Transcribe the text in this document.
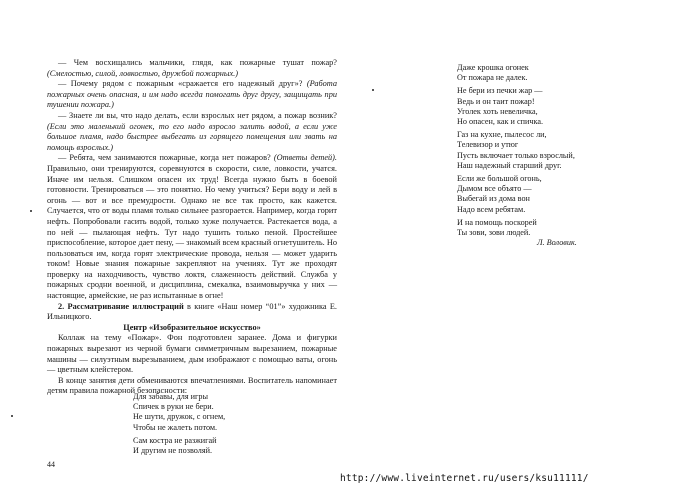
— Чем восхищались мальчики, глядя, как пожарные тушат пожар? (Смелостью, силой, ловкостью, дружбой пожарных.)

— Почему рядом с пожарным «сражается его надежный друг»? (Работа пожарных очень опасная, и им надо всегда помогать друг другу, защищать при тушении пожара.)

— Знаете ли вы, что надо делать, если взрослых нет рядом, а пожар возник? (Если это маленький огонек, то его надо взросло залить водой, а если уже большое пламя, надо быстрее выбегать из горящего помещения или звать на помощь взрослых.)

— Ребята, чем занимаются пожарные, когда нет пожаров? (Ответы детей). Правильно, они тренируются, соревнуются в скорости, силе, ловкости, учатся. Иначе им нельзя. Слишком опасен их труд! Всегда нужно быть в боевой готовности. Тренироваться — это понятно. Но чему учиться? Бери воду и лей в огонь — вот и все премудрости. Однако не все так просто, как кажется. Случается, что от воды пламя только сильнее разгорается. Например, когда горит нефть. Попробовали гасить водой, только хуже получается. Растекается вода, а по ней — пылающая нефть. Тут надо тушить только пеной. Простейшее приспособление, которое дает пену, — знакомый всем красный огнетушитель. Но пользоваться им, когда горят электрические провода, нельзя — может ударить током! Новые знания пожарные закрепляют на учениях. Тут же проходят проверку на находчивость, чувство локтя, слаженность действий. Служба у пожарных сродни военной, и дисциплина, смекалка, взаимовыручка у них — настоящие, армейские, не раз испытанные в огне!

2. Рассматривание иллюстраций в книге «Наш номер “01”» художника Е. Ильницкого.

Центр «Изобразительное искусство»

Коллаж на тему «Пожар». Фон подготовлен заранее. Дома и фигурки пожарных вырезают из черной бумаги симметричным вырезанием, пожарные машины — силуэтным вырезыванием, дым изображают с помощью ваты, огонь — цветным клейстером.

В конце занятия дети обмениваются впечатлениями. Воспитатель напоминает детям правила пожарной безопасности:

Для забавы, для игры
Спичек в руки не бери.
Не шути, дружок, с огнем,
Чтобы не жалеть потом.
Сам костра не разжигай
И другим не позволяй.
44
Даже крошка огонек
От пожара не далек.
Не бери из печки жар —
Ведь и он таит пожар!
Уголек хоть невеличка,
Но опасен, как и спичка.
Газ на кухне, пылесос ли,
Телевизор и утюг
Пусть включает только взрослый,
Наш надежный старший друг.
Если же большой огонь,
Дымом все объято —
Выбегай из дома вон
Надо всем ребятам.
И на помощь поскорей
Ты зови, зови людей.
Л. Воловик.
http://www.liveinternet.ru/users/ksu11111/
